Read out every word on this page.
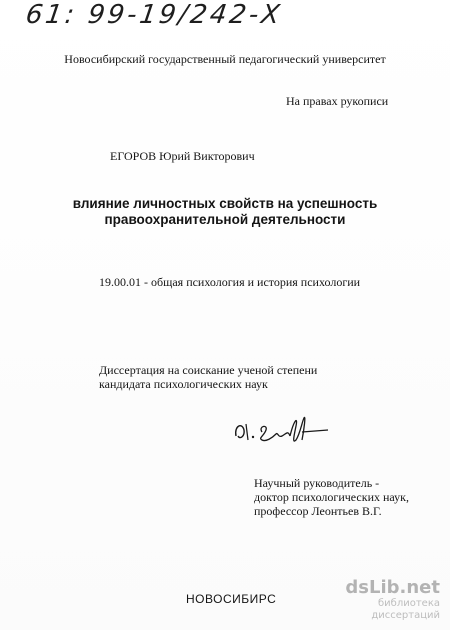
61: 99-19/242-Х
Новосибирский государственный педагогический университет
На правах рукописи
ЕГОРОВ Юрий Викторович
влияние личностных свойств на успешность
правоохранительной деятельности
19.00.01 - общая психология и история психологии
Диссертация на соискание ученой степени
кандидата психологических наук
Научный руководитель -
доктор психологических наук,
профессор Леонтьев В.Г.
НОВОСИБИРС
dsLib.net
библиотека диссертаций
